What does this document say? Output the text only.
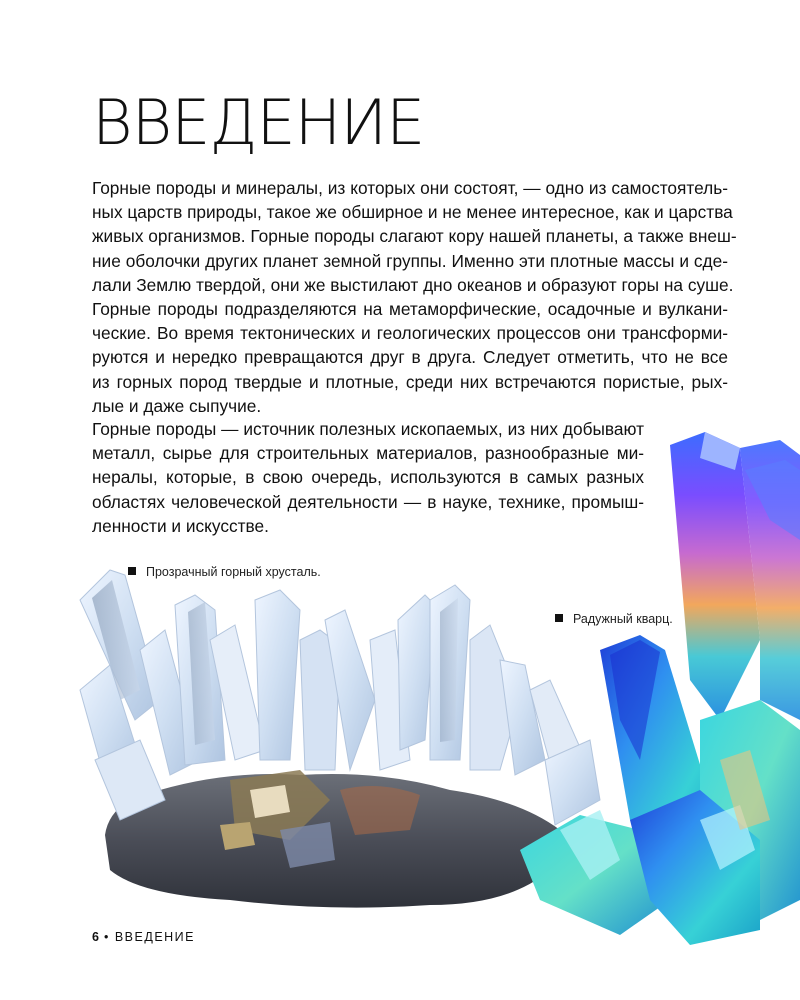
ВВЕДЕНИЕ
Горные породы и минералы, из которых они состоят, — одно из самостоятель-
ных царств природы, такое же обширное и не менее интересное, как и царства
живых организмов. Горные породы слагают кору нашей планеты, а также внеш-
ние оболочки других планет земной группы. Именно эти плотные массы и сде-
лали Землю твердой, они же выстилают дно океанов и образуют горы на суше.
Горные породы подразделяются на метаморфические, осадочные и вулкани-
ческие. Во время тектонических и геологических процессов они трансформи-
руются и нередко превращаются друг в друга. Следует отметить, что не все
из горных пород твердые и плотные, среди них встречаются пористые, рых-
лые и даже сыпучие.
Горные породы — источник полезных ископаемых, из них добывают
металл, сырье для строительных материалов, разнообразные ми-
нералы, которые, в свою очередь, используются в самых разных
областях человеческой деятельности — в науке, технике, промыш-
ленности и искусстве.
Прозрачный горный хрусталь.
Радужный кварц.
6 • ВВЕДЕНИЕ
